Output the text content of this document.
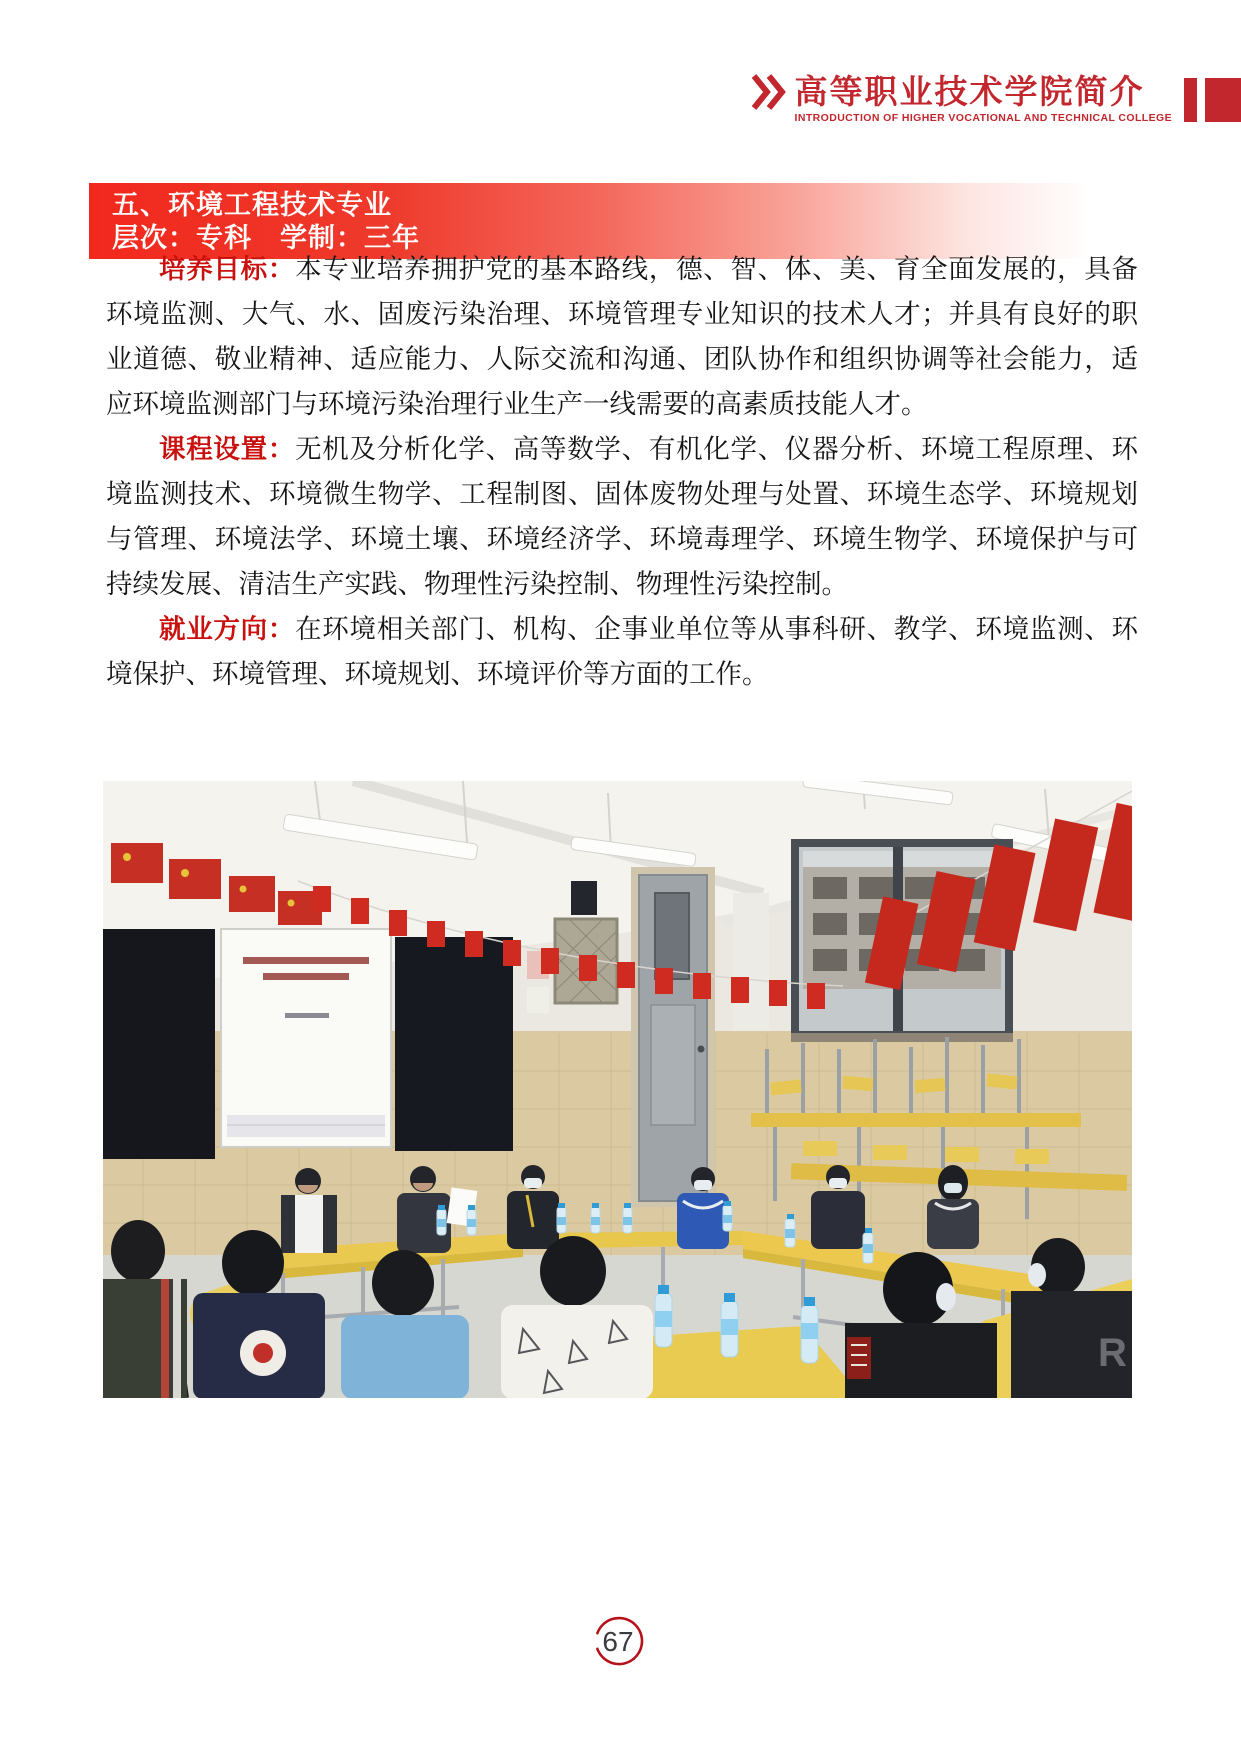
高等职业技术学院简介
INTRODUCTION OF HIGHER VOCATIONAL AND TECHNICAL COLLEGE
五、环境工程技术专业
层次：专科　学制：三年

培养目标：本专业培养拥护党的基本路线，德、智、体、美、育全面发展的，具备环境监测、大气、水、固废污染治理、环境管理专业知识的技术人才；并具有良好的职业道德、敬业精神、适应能力、人际交流和沟通、团队协作和组织协调等社会能力，适应环境监测部门与环境污染治理行业生产一线需要的高素质技能人才。

课程设置：无机及分析化学、高等数学、有机化学、仪器分析、环境工程原理、环境监测技术、环境微生物学、工程制图、固体废物处理与处置、环境生态学、环境规划与管理、环境法学、环境土壤、环境经济学、环境毒理学、环境生物学、环境保护与可持续发展、清洁生产实践、物理性污染控制、物理性污染控制。

就业方向：在环境相关部门、机构、企事业单位等从事科研、教学、环境监测、环境保护、环境管理、环境规划、环境评价等方面的工作。

R
67
